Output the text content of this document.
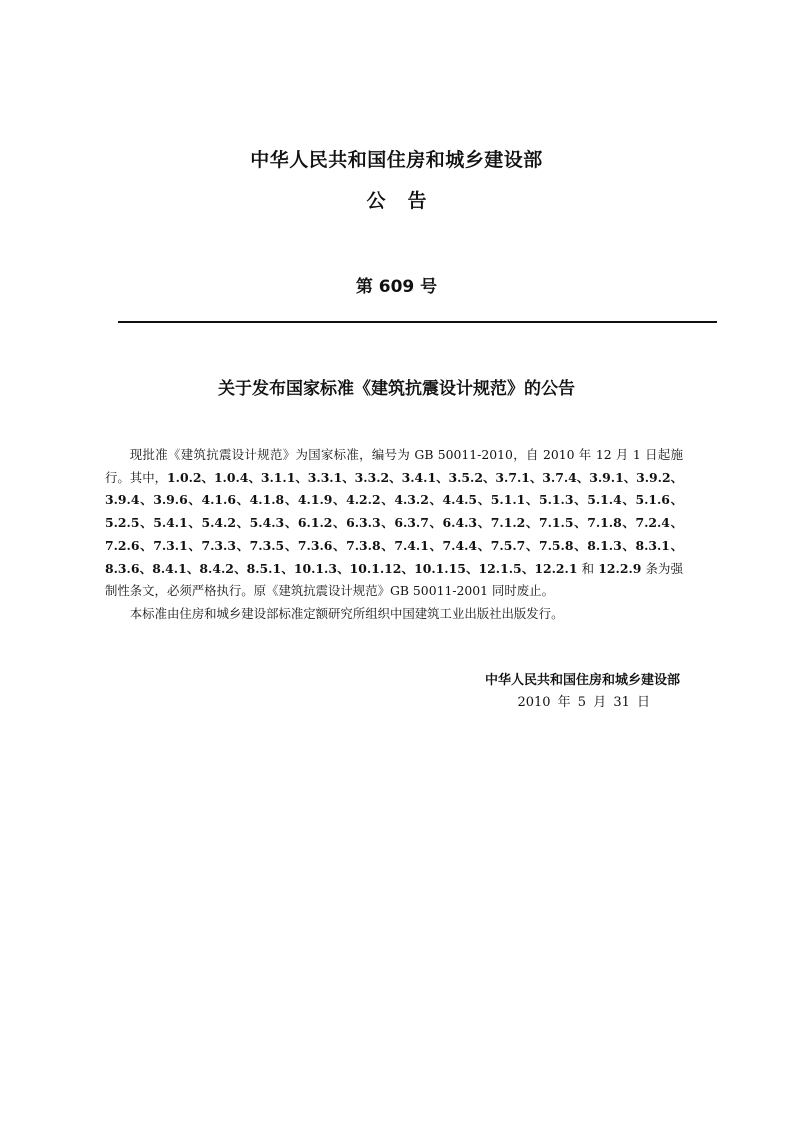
中华人民共和国住房和城乡建设部
公告
第 609 号
关于发布国家标准《建筑抗震设计规范》的公告

现批准《建筑抗震设计规范》为国家标准，编号为 GB 50011-2010，自 2010 年 12 月 1 日起施行。其中，1.0.2、1.0.4、3.1.1、3.3.1、3.3.2、3.4.1、3.5.2、3.7.1、3.7.4、3.9.1、3.9.2、3.9.4、3.9.6、4.1.6、4.1.8、4.1.9、4.2.2、4.3.2、4.4.5、5.1.1、5.1.3、5.1.4、5.1.6、5.2.5、5.4.1、5.4.2、5.4.3、6.1.2、6.3.3、6.3.7、6.4.3、7.1.2、7.1.5、7.1.8、7.2.4、7.2.6、7.3.1、7.3.3、7.3.5、7.3.6、7.3.8、7.4.1、7.4.4、7.5.7、7.5.8、8.1.3、8.3.1、8.3.6、8.4.1、8.4.2、8.5.1、10.1.3、10.1.12、10.1.15、12.1.5、12.2.1 和 12.2.9 条为强制性条文，必须严格执行。原《建筑抗震设计规范》GB 50011-2001 同时废止。

本标准由住房和城乡建设部标准定额研究所组织中国建筑工业出版社出版发行。

中华人民共和国住房和城乡建设部
2010 年 5 月 31 日
